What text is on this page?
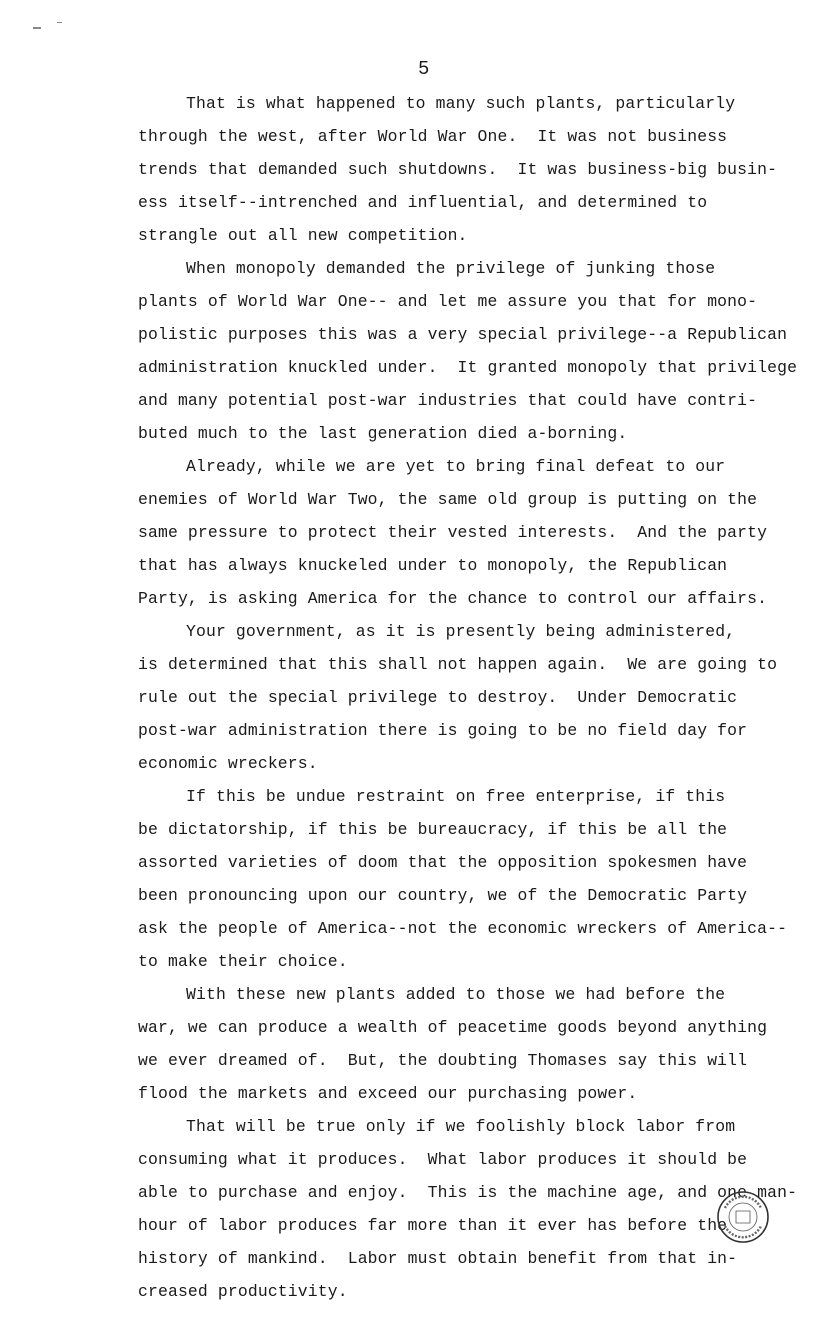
5

That is what happened to many such plants, particularly

through the west, after World War One.  It was not business

trends that demanded such shutdowns.  It was business-big busin-

ess itself--intrenched and influential, and determined to

strangle out all new competition.

When monopoly demanded the privilege of junking those

plants of World War One-- and let me assure you that for mono-

polistic purposes this was a very special privilege--a Republican

administration knuckled under.  It granted monopoly that privilege

and many potential post-war industries that could have contri-

buted much to the last generation died a-borning.

Already, while we are yet to bring final defeat to our

enemies of World War Two, the same old group is putting on the

same pressure to protect their vested interests.  And the party

that has always knuckeled under to monopoly, the Republican

Party, is asking America for the chance to control our affairs.

Your government, as it is presently being administered,

is determined that this shall not happen again.  We are going to

rule out the special privilege to destroy.  Under Democratic

post-war administration there is going to be no field day for

economic wreckers.

If this be undue restraint on free enterprise, if this

be dictatorship, if this be bureaucracy, if this be all the

assorted varieties of doom that the opposition spokesmen have

been pronouncing upon our country, we of the Democratic Party

ask the people of America--not the economic wreckers of America--

to make their choice.

With these new plants added to those we had before the

war, we can produce a wealth of peacetime goods beyond anything

we ever dreamed of.  But, the doubting Thomases say this will

flood the markets and exceed our purchasing power.

That will be true only if we foolishly block labor from

consuming what it produces.  What labor produces it should be

able to purchase and enjoy.  This is the machine age, and one man-

hour of labor produces far more than it ever has before the

history of mankind.  Labor must obtain benefit from that in-

creased productivity.
